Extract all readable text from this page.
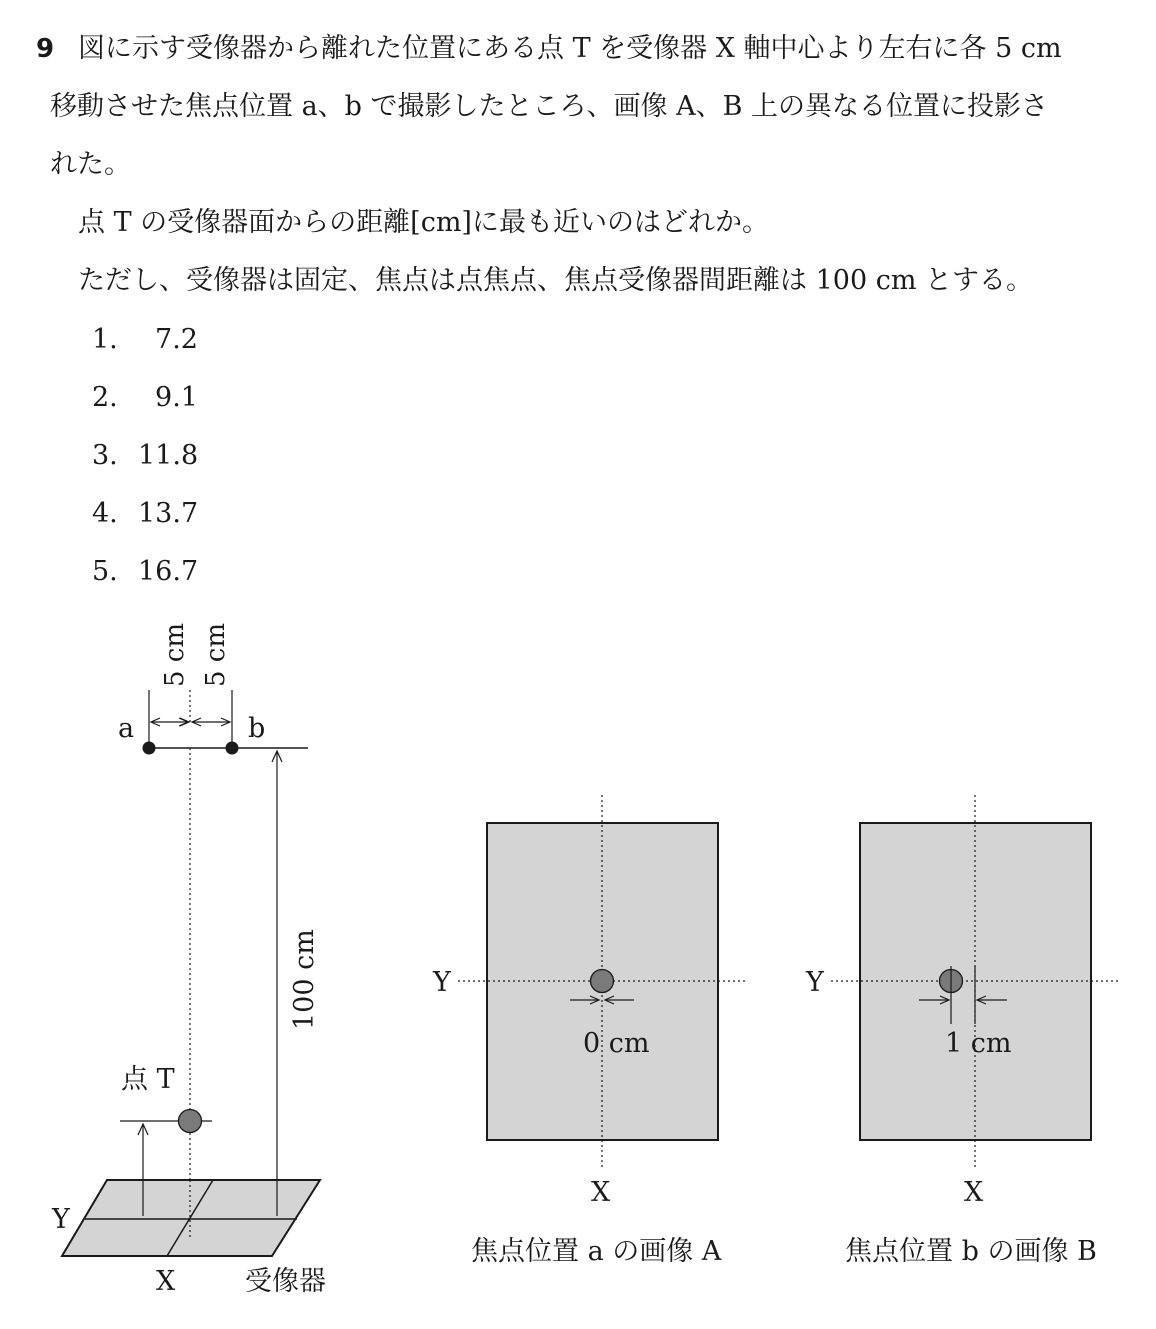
9 図に示す受像器から離れた位置にある点 T を受像器 X 軸中心より左右に各 5 cm
移動させた焦点位置 a、b で撮影したところ、画像 A、B 上の異なる位置に投影さ
れた。
点 T の受像器面からの距離[cm]に最も近いのはどれか。
ただし、受像器は固定、焦点は点焦点、焦点受像器間距離は 100 cm とする。
1. 7.2
2. 9.1
3. 11.8
4. 13.7
5. 16.7
5 cm 5 cm
a	b
100 cm
点 T
Y
X	受像器
Y
X
0 cm
焦点位置 a の画像 A
Y
X
1 cm
焦点位置 b の画像 B
